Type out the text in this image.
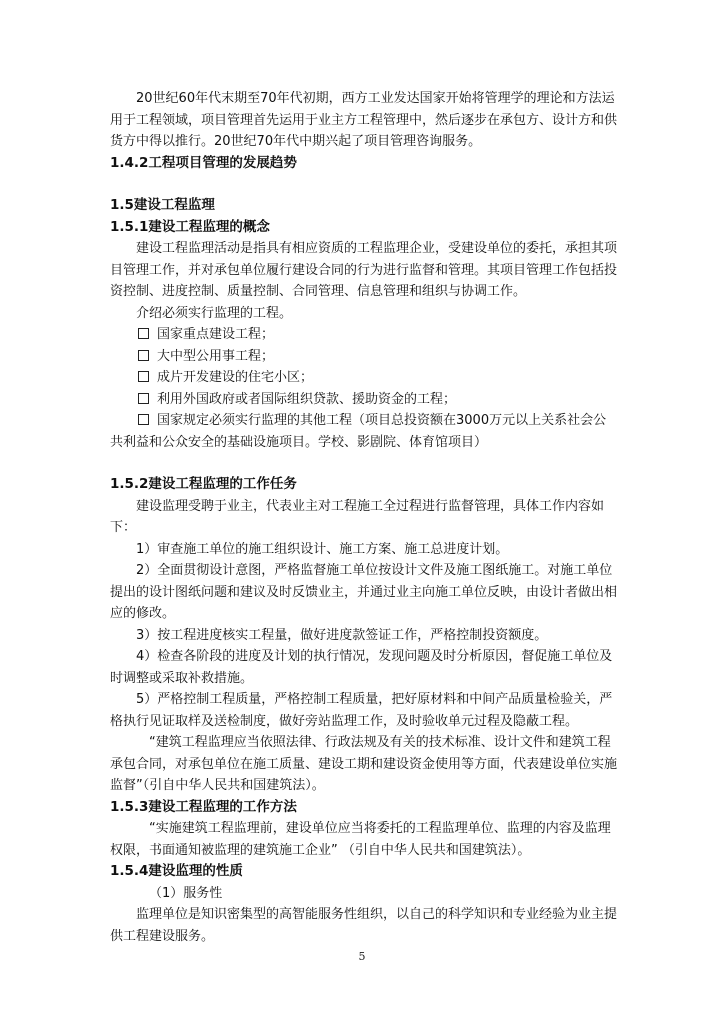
20世纪60年代末期至70年代初期，西方工业发达国家开始将管理学的理论和方法运用于工程领域，项目管理首先运用于业主方工程管理中，然后逐步在承包方、设计方和供货方中得以推行。20世纪70年代中期兴起了项目管理咨询服务。

1.4.2工程项目管理的发展趋势

1.5建设工程监理

1.5.1建设工程监理的概念

建设工程监理活动是指具有相应资质的工程监理企业，受建设单位的委托，承担其项目管理工作，并对承包单位履行建设合同的行为进行监督和管理。其项目管理工作包括投资控制、进度控制、质量控制、合同管理、信息管理和组织与协调工作。

介绍必须实行监理的工程。

国家重点建设工程；

大中型公用事工程；

成片开发建设的住宅小区；

利用外国政府或者国际组织贷款、援助资金的工程；

国家规定必须实行监理的其他工程（项目总投资额在3000万元以上关系社会公共利益和公众安全的基础设施项目。学校、影剧院、体育馆项目）

1.5.2建设工程监理的工作任务

建设监理受聘于业主，代表业主对工程施工全过程进行监督管理，具体工作内容如下：

1）审查施工单位的施工组织设计、施工方案、施工总进度计划。

2）全面贯彻设计意图，严格监督施工单位按设计文件及施工图纸施工。对施工单位提出的设计图纸问题和建议及时反馈业主，并通过业主向施工单位反映，由设计者做出相应的修改。

3）按工程进度核实工程量，做好进度款签证工作，严格控制投资额度。

4）检查各阶段的进度及计划的执行情况，发现问题及时分析原因，督促施工单位及时调整或采取补救措施。

5）严格控制工程质量，严格控制工程质量，把好原材料和中间产品质量检验关，严格执行见证取样及送检制度，做好旁站监理工作，及时验收单元过程及隐蔽工程。

“建筑工程监理应当依照法律、行政法规及有关的技术标准、设计文件和建筑工程承包合同，对承包单位在施工质量、建设工期和建设资金使用等方面，代表建设单位实施监督”（引自中华人民共和国建筑法）。

1.5.3建设工程监理的工作方法

“实施建筑工程监理前，建设单位应当将委托的工程监理单位、监理的内容及监理权限，书面通知被监理的建筑施工企业” （引自中华人民共和国建筑法）。

1.5.4建设监理的性质

（1）服务性

监理单位是知识密集型的高智能服务性组织，以自己的科学知识和专业经验为业主提供工程建设服务。

5
